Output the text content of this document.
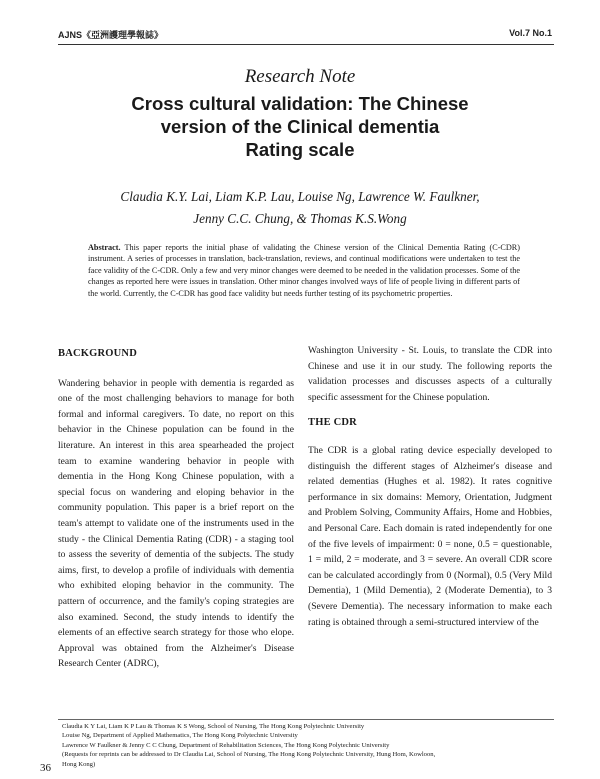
AJNS《亞洲護理學報誌》	Vol.7 No.1
Research Note
Cross cultural validation: The Chinese
version of the Clinical dementia
Rating scale
Claudia K.Y. Lai, Liam K.P. Lau, Louise Ng, Lawrence W. Faulkner,
Jenny C.C. Chung, & Thomas K.S.Wong
Abstract. This paper reports the initial phase of validating the Chinese version of the Clinical Dementia Rating (C-CDR) instrument. A series of processes in translation, back-translation, reviews, and continual modifications were undertaken to test the face validity of the C-CDR. Only a few and very minor changes were deemed to be needed in the validation processes. Some of the changes as reported here were issues in translation. Other minor changes involved ways of life of people living in different parts of the world. Currently, the C-CDR has good face validity but needs further testing of its psychometric properties.
BACKGROUND

Wandering behavior in people with dementia is regarded as one of the most challenging behaviors to manage for both formal and informal caregivers. To date, no report on this behavior in the Chinese population can be found in the literature. An interest in this area spearheaded the project team to examine wandering behavior in people with dementia in the Hong Kong Chinese population, with a special focus on wandering and eloping behavior in the community population. This paper is a brief report on the team's attempt to validate one of the instruments used in the study - the Clinical Dementia Rating (CDR) - a staging tool to assess the severity of dementia of the subjects. The study aims, first, to develop a profile of individuals with dementia who exhibited eloping behavior in the community. The pattern of occurrence, and the family's coping strategies are also examined. Second, the study intends to identify the elements of an effective search strategy for those who elope. Approval was obtained from the Alzheimer's Disease Research Center (ADRC),

Washington University - St. Louis, to translate the CDR into Chinese and use it in our study. The following reports the validation processes and discusses aspects of a culturally specific assessment for the Chinese population.

THE CDR

The CDR is a global rating device especially developed to distinguish the different stages of Alzheimer's disease and related dementias (Hughes et al. 1982). It rates cognitive performance in six domains: Memory, Orientation, Judgment and Problem Solving, Community Affairs, Home and Hobbies, and Personal Care. Each domain is rated independently for one of the five levels of impairment: 0 = none, 0.5 = questionable, 1 = mild, 2 = moderate, and 3 = severe. An overall CDR score can be calculated accordingly from 0 (Normal), 0.5 (Very Mild Dementia), 1 (Mild Dementia), 2 (Moderate Dementia), to 3 (Severe Dementia). The necessary information to make each rating is obtained through a semi-structured interview of the

Claudia K Y Lai, Liam K P Lau & Thomas K S Wong, School of Nursing, The Hong Kong Polytechnic University
Louise Ng, Department of Applied Mathematics, The Hong Kong Polytechnic University
Lawrence W Faulkner & Jenny C C Chung, Department of Rehabilitation Sciences, The Hong Kong Polytechnic University
(Requests for reprints can be addressed to Dr Claudia Lai, School of Nursing, The Hong Kong Polytechnic University, Hung Hom, Kowloon,
Hong Kong)
36
